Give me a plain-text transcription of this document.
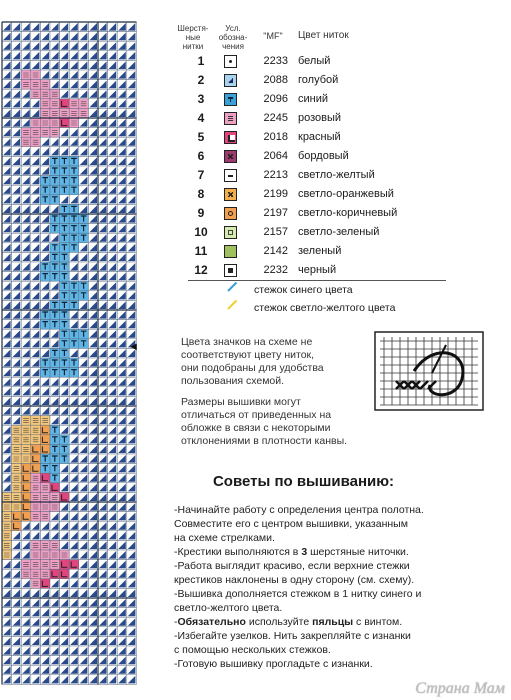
Шерстя-
ные
нитки
Усл.
обозна-
чения
"MF"	Цвет ниток
1	2233 белый
2	2088 голубой
3	2096 синий
4	2245 розовый
5	2018 красный
6	2064 бордовый
7	2213 светло-желтый
8	2199 светло-оранжевый
9	2197 светло-коричневый
10	2157 светло-зеленый
11	2142 зеленый
12	2232 черный
стежок синего цвета
стежок светло-желтого цвета
◄	Цвета значков на схеме не
соответствуют цвету ниток,
они подобраны для удобства
пользования схемой.
Размеры вышивки могут
отличаться от приведенных на
обложке в связи с некоторыми
отклонениями в плотности канвы.
Советы по вышиванию:
-Начинайте работу с определения центра полотна.
Совместите его с центром вышивки, указанным
на схеме стрелками.
-Крестики выполняются в 3 шерстяные ниточки.
-Работа выглядит красиво, если верхние стежки
крестиков наклонены в одну сторону (см. схему).
-Вышивка дополняется стежком в 1 нитку синего и
светло-желтого цвета.
-Обязательно используйте пяльцы с винтом.
-Избегайте узелков. Нить закрепляйте с изнанки
с помощью нескольких стежков.
-Готовую вышивку прогладьте с изнанки.
Страна Мам
